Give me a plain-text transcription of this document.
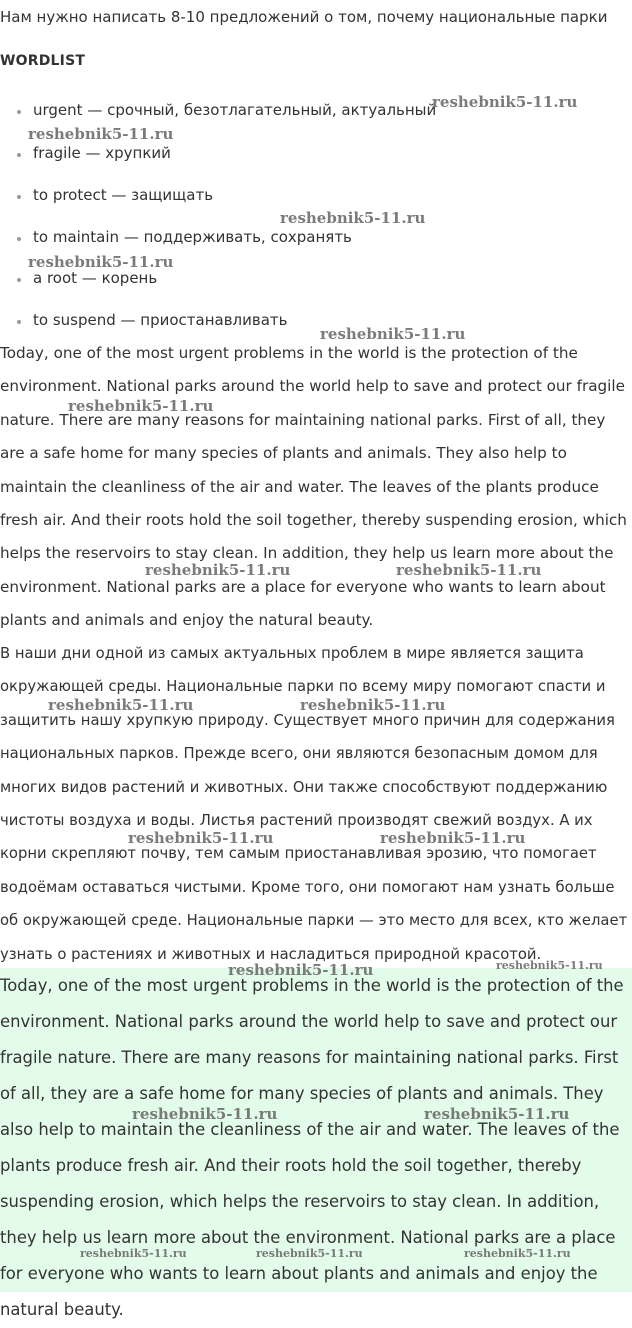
Нам нужно написать 8-10 предложений о том, почему национальные парки
WORDLIST
urgent — срочный, безотлагательный, актуальный
fragile — хрупкий
to protect — защищать
to maintain — поддерживать, сохранять
a root — корень
to suspend — приостанавливать

Today, one of the most urgent problems in the world is the protection of the environment. National parks around the world help to save and protect our fragile nature. There are many reasons for maintaining national parks. First of all, they are a safe home for many species of plants and animals. They also help to maintain the cleanliness of the air and water. The leaves of the plants produce fresh air. And their roots hold the soil together, thereby suspending erosion, which helps the reservoirs to stay clean. In addition, they help us learn more about the environment. National parks are a place for everyone who wants to learn about plants and animals and enjoy the natural beauty.

В наши дни одной из самых актуальных проблем в мире является защита окружающей среды. Национальные парки по всему миру помогают спасти и защитить нашу хрупкую природу. Существует много причин для содержания национальных парков. Прежде всего, они являются безопасным домом для многих видов растений и животных. Они также способствуют поддержанию чистоты воздуха и воды. Листья растений производят свежий воздух. А их корни скрепляют почву, тем самым приостанавливая эрозию, что помогает водоёмам оставаться чистыми. Кроме того, они помогают нам узнать больше об окружающей среде. Национальные парки — это место для всех, кто желает узнать о растениях и животных и насладиться природной красотой.

Today, one of the most urgent problems in the world is the protection of the environment. National parks around the world help to save and protect our fragile nature. There are many reasons for maintaining national parks. First of all, they are a safe home for many species of plants and animals. They also help to maintain the cleanliness of the air and water. The leaves of the plants produce fresh air. And their roots hold the soil together, thereby suspending erosion, which helps the reservoirs to stay clean. In addition, they help us learn more about the environment. National parks are a place for everyone who wants to learn about plants and animals and enjoy the natural beauty.

reshebnik5-11.ru
reshebnik5-11.ru
reshebnik5-11.ru
reshebnik5-11.ru
reshebnik5-11.ru
reshebnik5-11.ru
reshebnik5-11.ru	reshebnik5-11.ru
reshebnik5-11.ru	reshebnik5-11.ru
reshebnik5-11.ru	reshebnik5-11.ru
reshebnik5-11.ru	reshebnik5-11.ru
reshebnik5-11.ru	reshebnik5-11.ru
reshebnik5-11.ru	reshebnik5-11.ru	reshebnik5-11.ru
